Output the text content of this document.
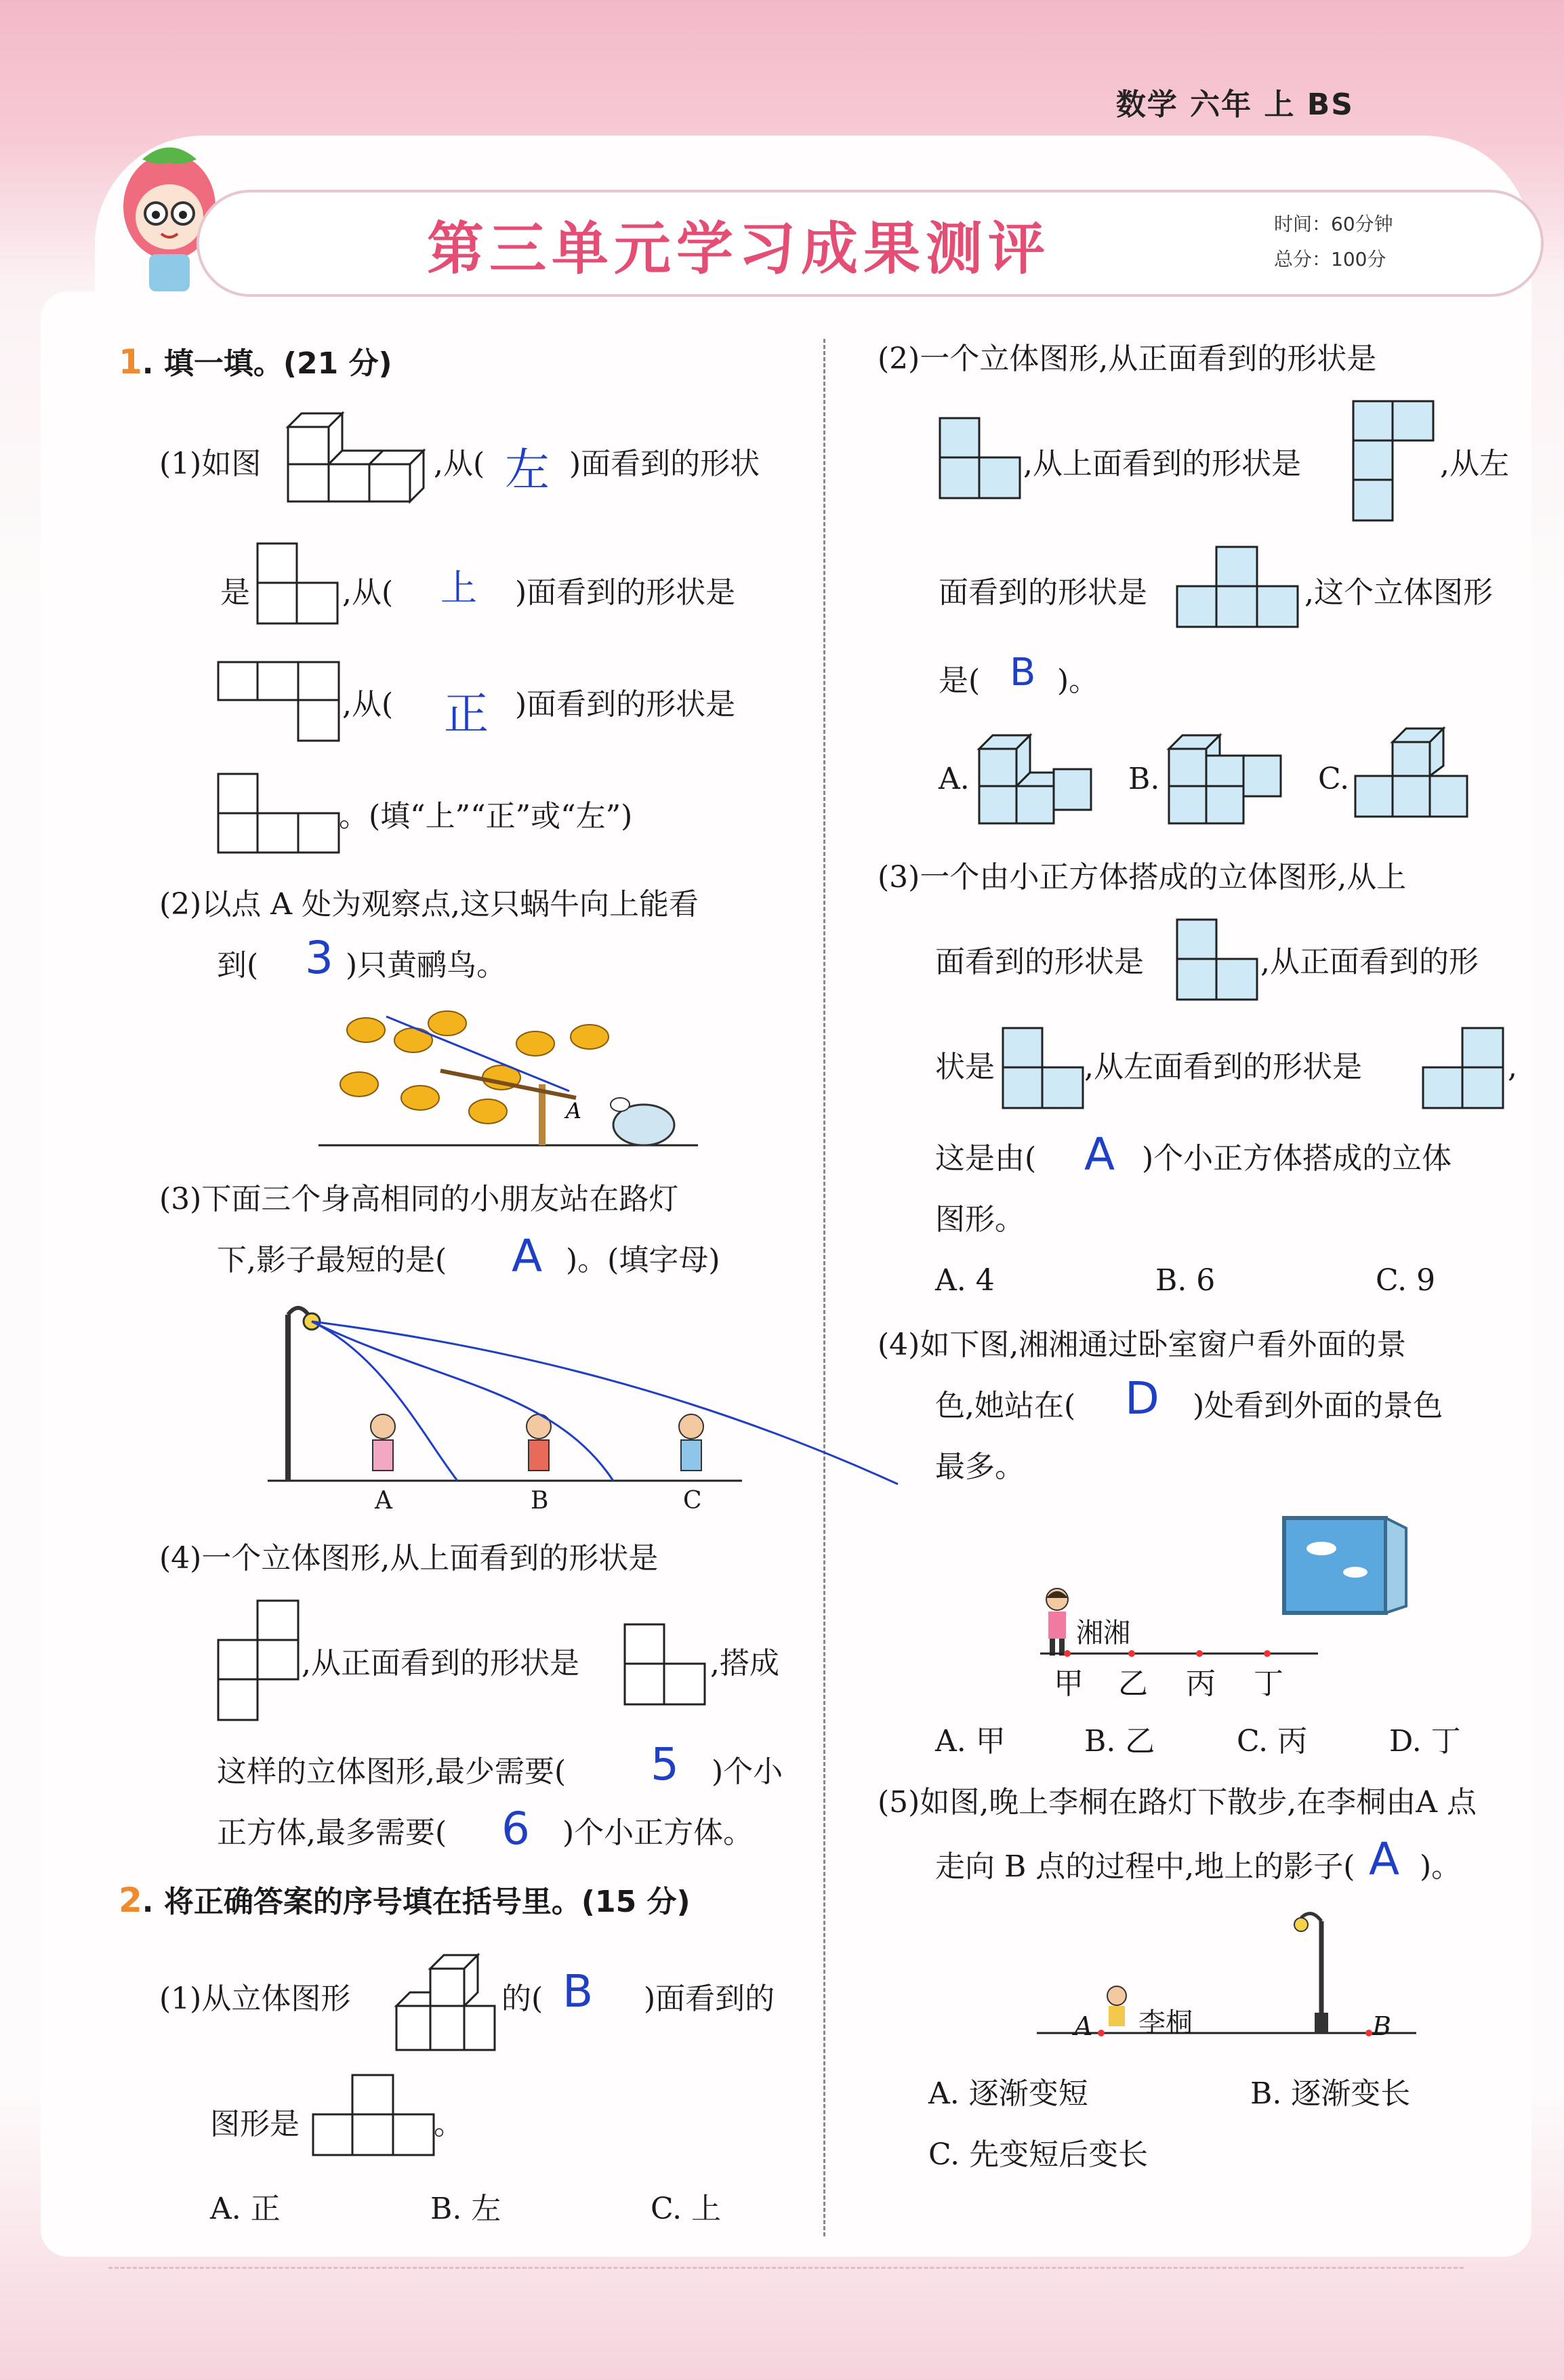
数学 六年 上 BS
第三单元学习成果测评	时间：60分钟
总分：100分
1. 填一填。(21 分)
(1)如图	,从( 左 )面看到的形状
是	,从( 上 )面看到的形状是
,从( 正 )面看到的形状是
。(填“上”“正”或“左”)
(2)以点 A 处为观察点,这只蜗牛向上能看
到( 3 )只黄鹂鸟。
A
(3)下面三个身高相同的小朋友站在路灯
下,影子最短的是( A )。(填字母)
A	B	C
(4)一个立体图形,从上面看到的形状是
,从正面看到的形状是	,搭成
这样的立体图形,最少需要( 5 )个小
正方体,最多需要( 6 )个小正方体。
2. 将正确答案的序号填在括号里。(15 分)
(1)从立体图形	的( B )面看到的
图形是	。
A. 正	B. 左	C. 上
(2)一个立体图形,从正面看到的形状是
,从上面看到的形状是	,从左
面看到的形状是	,这个立体图形
是( B )。
A.	B.	C.
(3)一个由小正方体搭成的立体图形,从上
面看到的形状是	,从正面看到的形
状是	,从左面看到的形状是	,
这是由( A )个小正方体搭成的立体
图形。
A. 4	B. 6	C. 9
(4)如下图,湘湘通过卧室窗户看外面的景
色,她站在( D )处看到外面的景色
最多。
湘湘
甲 乙 丙 丁
A. 甲	B. 乙	C. 丙	D. 丁
(5)如图,晚上李桐在路灯下散步,在李桐由A 点
走向 B 点的过程中,地上的影子( A )。
A 李桐	B
A. 逐渐变短	B. 逐渐变长
C. 先变短后变长
